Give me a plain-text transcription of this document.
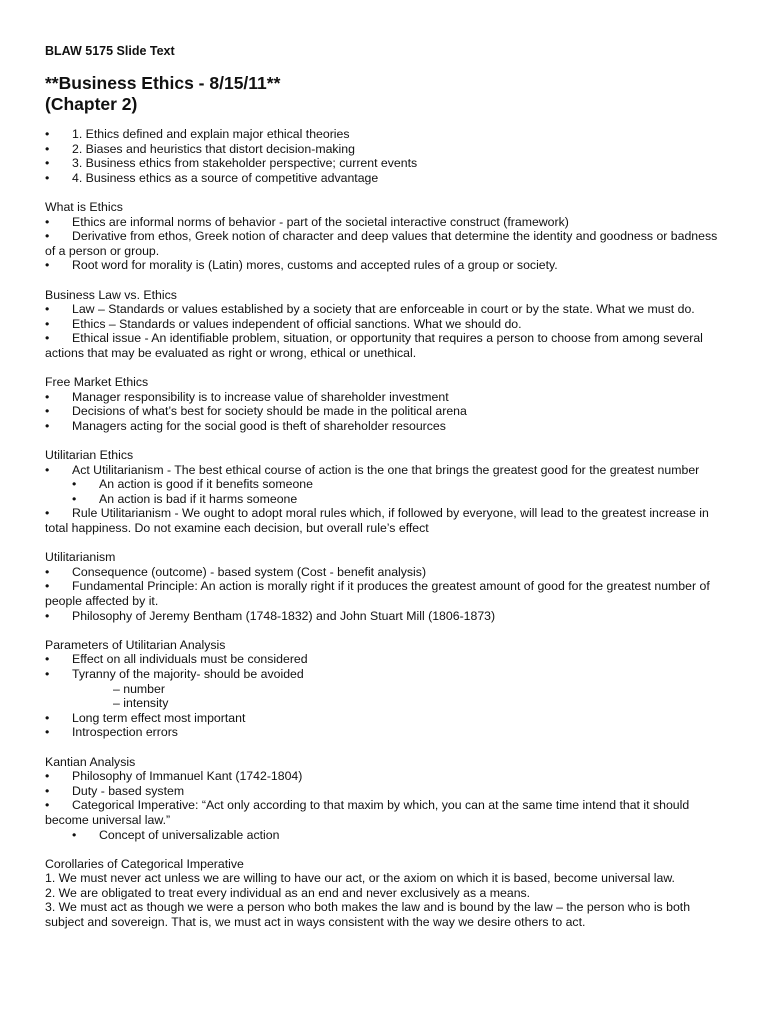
BLAW 5175 Slide Text
**Business Ethics - 8/15/11**
(Chapter 2)
• 1. Ethics defined and explain major ethical theories
• 2. Biases and heuristics that distort decision-making
• 3. Business ethics from stakeholder perspective; current events
• 4. Business ethics as a source of competitive advantage
What is Ethics
• Ethics are informal norms of behavior - part of the societal interactive construct (framework)
• Derivative from ethos, Greek notion of character and deep values that determine the identity and goodness or badness of a person or group.
• Root word for morality is (Latin) mores, customs and accepted rules of a group or society.
Business Law vs. Ethics
• Law – Standards or values established by a society that are enforceable in court or by the state. What we must do.
• Ethics – Standards or values independent of official sanctions. What we should do.
• Ethical issue - An identifiable problem, situation, or opportunity that requires a person to choose from among several actions that may be evaluated as right or wrong, ethical or unethical.
Free Market Ethics
• Manager responsibility is to increase value of shareholder investment
• Decisions of what’s best for society should be made in the political arena
• Managers acting for the social good is theft of shareholder resources
Utilitarian Ethics
• Act Utilitarianism - The best ethical course of action is the one that brings the greatest good for the greatest number
• An action is good if it benefits someone
• An action is bad if it harms someone
• Rule Utilitarianism - We ought to adopt moral rules which, if followed by everyone, will lead to the greatest increase in total happiness. Do not examine each decision, but overall rule’s effect
Utilitarianism
• Consequence (outcome) - based system (Cost - benefit analysis)
• Fundamental Principle: An action is morally right if it produces the greatest amount of good for the greatest number of people affected by it.
• Philosophy of Jeremy Bentham (1748-1832) and John Stuart Mill (1806-1873)
Parameters of Utilitarian Analysis
• Effect on all individuals must be considered
• Tyranny of the majority- should be avoided
– number
– intensity
• Long term effect most important
• Introspection errors
Kantian Analysis
• Philosophy of Immanuel Kant (1742-1804)
• Duty - based system
• Categorical Imperative: “Act only according to that maxim by which, you can at the same time intend that it should become universal law.”
• Concept of universalizable action
Corollaries of Categorical Imperative
1. We must never act unless we are willing to have our act, or the axiom on which it is based, become universal law.
2. We are obligated to treat every individual as an end and never exclusively as a means.
3. We must act as though we were a person who both makes the law and is bound by the law – the person who is both subject and sovereign. That is, we must act in ways consistent with the way we desire others to act.
